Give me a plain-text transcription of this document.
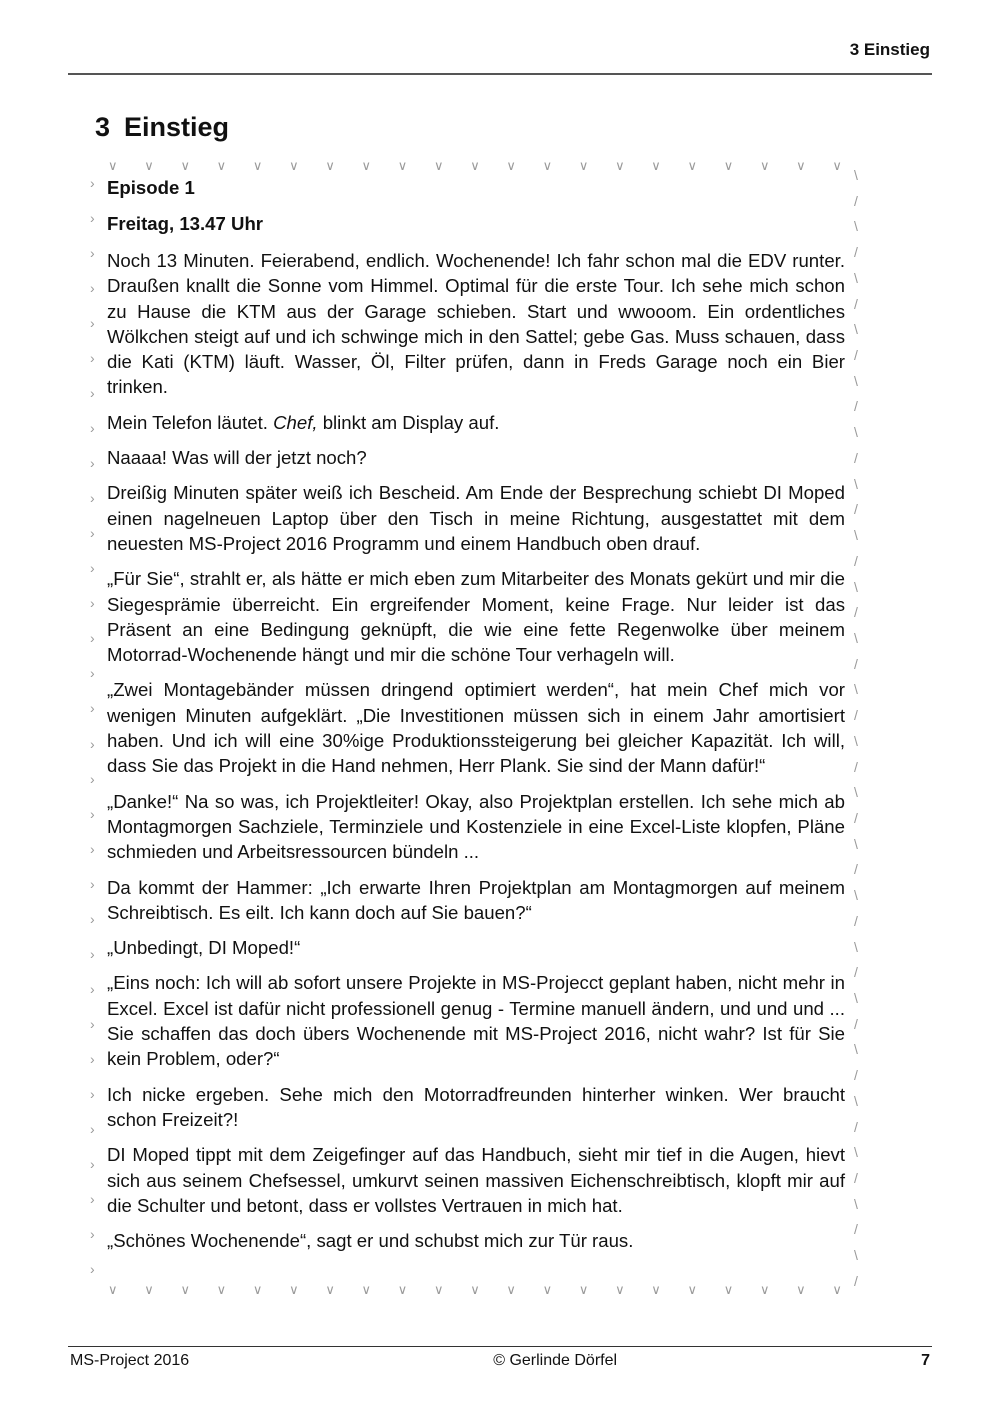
3 Einstieg
3 Einstieg
∨ ∨ ∨ ∨ ∨ ∨ ∨ ∨ ∨ ∨ ∨ ∨ ∨ ∨ ∨ ∨ ∨ ∨ ∨ ∨ ∨
›
›
›
›
›
›
›
›
›
›
›
›
›
›
›
›
›
›
›
›
›
›
›
›
›
›
›
›
›
›
›
›
\
/
\
/
\
/
\
/
\
/
\
/
\
/
\
/
\
/
\
/
\
/
\
/
\
/
\
/
\
/
\
/
\
/
\
/
\
/
\
/
\
/
\
/
∨ ∨ ∨ ∨ ∨ ∨ ∨ ∨ ∨ ∨ ∨ ∨ ∨ ∨ ∨ ∨ ∨ ∨ ∨ ∨ ∨
Episode 1
Freitag, 13.47 Uhr

Noch 13 Minuten. Feierabend, endlich. Wochenende! Ich fahr schon mal die EDV runter. Draußen knallt die Sonne vom Himmel. Optimal für die erste Tour. Ich sehe mich schon zu Hause die KTM aus der Garage schieben. Start und wwooom. Ein ordentliches Wölkchen steigt auf und ich schwinge mich in den Sattel; gebe Gas. Muss schauen, dass die Kati (KTM) läuft. Wasser, Öl, Filter prüfen, dann in Freds Garage noch ein Bier trinken.

Mein Telefon läutet. Chef, blinkt am Display auf.

Naaaa! Was will der jetzt noch?

Dreißig Minuten später weiß ich Bescheid. Am Ende der Besprechung schiebt DI Moped einen nagelneuen Laptop über den Tisch in meine Richtung, ausgestattet mit dem neuesten MS-Project 2016 Programm und einem Handbuch oben drauf.

„Für Sie“, strahlt er, als hätte er mich eben zum Mitarbeiter des Monats gekürt und mir die Siegesprämie überreicht. Ein ergreifender Moment, keine Frage. Nur leider ist das Präsent an eine Bedingung geknüpft, die wie eine fette Regenwolke über meinem Motorrad-Wochenende hängt und mir die schöne Tour verhageln will.

„Zwei Montagebänder müssen dringend optimiert werden“, hat mein Chef mich vor wenigen Minuten aufgeklärt. „Die Investitionen müssen sich in einem Jahr amortisiert haben. Und ich will eine 30%ige Produktionssteigerung bei gleicher Kapazität. Ich will, dass Sie das Projekt in die Hand nehmen, Herr Plank. Sie sind der Mann dafür!“

„Danke!“ Na so was, ich Projektleiter! Okay, also Projektplan erstellen. Ich sehe mich ab Montagmorgen Sachziele, Terminziele und Kostenziele in eine Excel-Liste klopfen, Pläne schmieden und Arbeitsressourcen bündeln ...

Da kommt der Hammer: „Ich erwarte Ihren Projektplan am Montagmorgen auf meinem Schreibtisch. Es eilt. Ich kann doch auf Sie bauen?“

„Unbedingt, DI Moped!“

„Eins noch: Ich will ab sofort unsere Projekte in MS-Projecct geplant haben, nicht mehr in Excel. Excel ist dafür nicht professionell genug - Termine manuell ändern, und und und ... Sie schaffen das doch übers Wochenende mit MS-Project 2016, nicht wahr? Ist für Sie kein Problem, oder?“

Ich nicke ergeben. Sehe mich den Motorradfreunden hinterher winken. Wer braucht schon Freizeit?!

DI Moped tippt mit dem Zeigefinger auf das Handbuch, sieht mir tief in die Augen, hievt sich aus seinem Chefsessel, umkurvt seinen massiven Eichenschreibtisch, klopft mir auf die Schulter und betont, dass er vollstes Vertrauen in mich hat.

„Schönes Wochenende“, sagt er und schubst mich zur Tür raus.

MS-Project 2016	© Gerlinde Dörfel	7
